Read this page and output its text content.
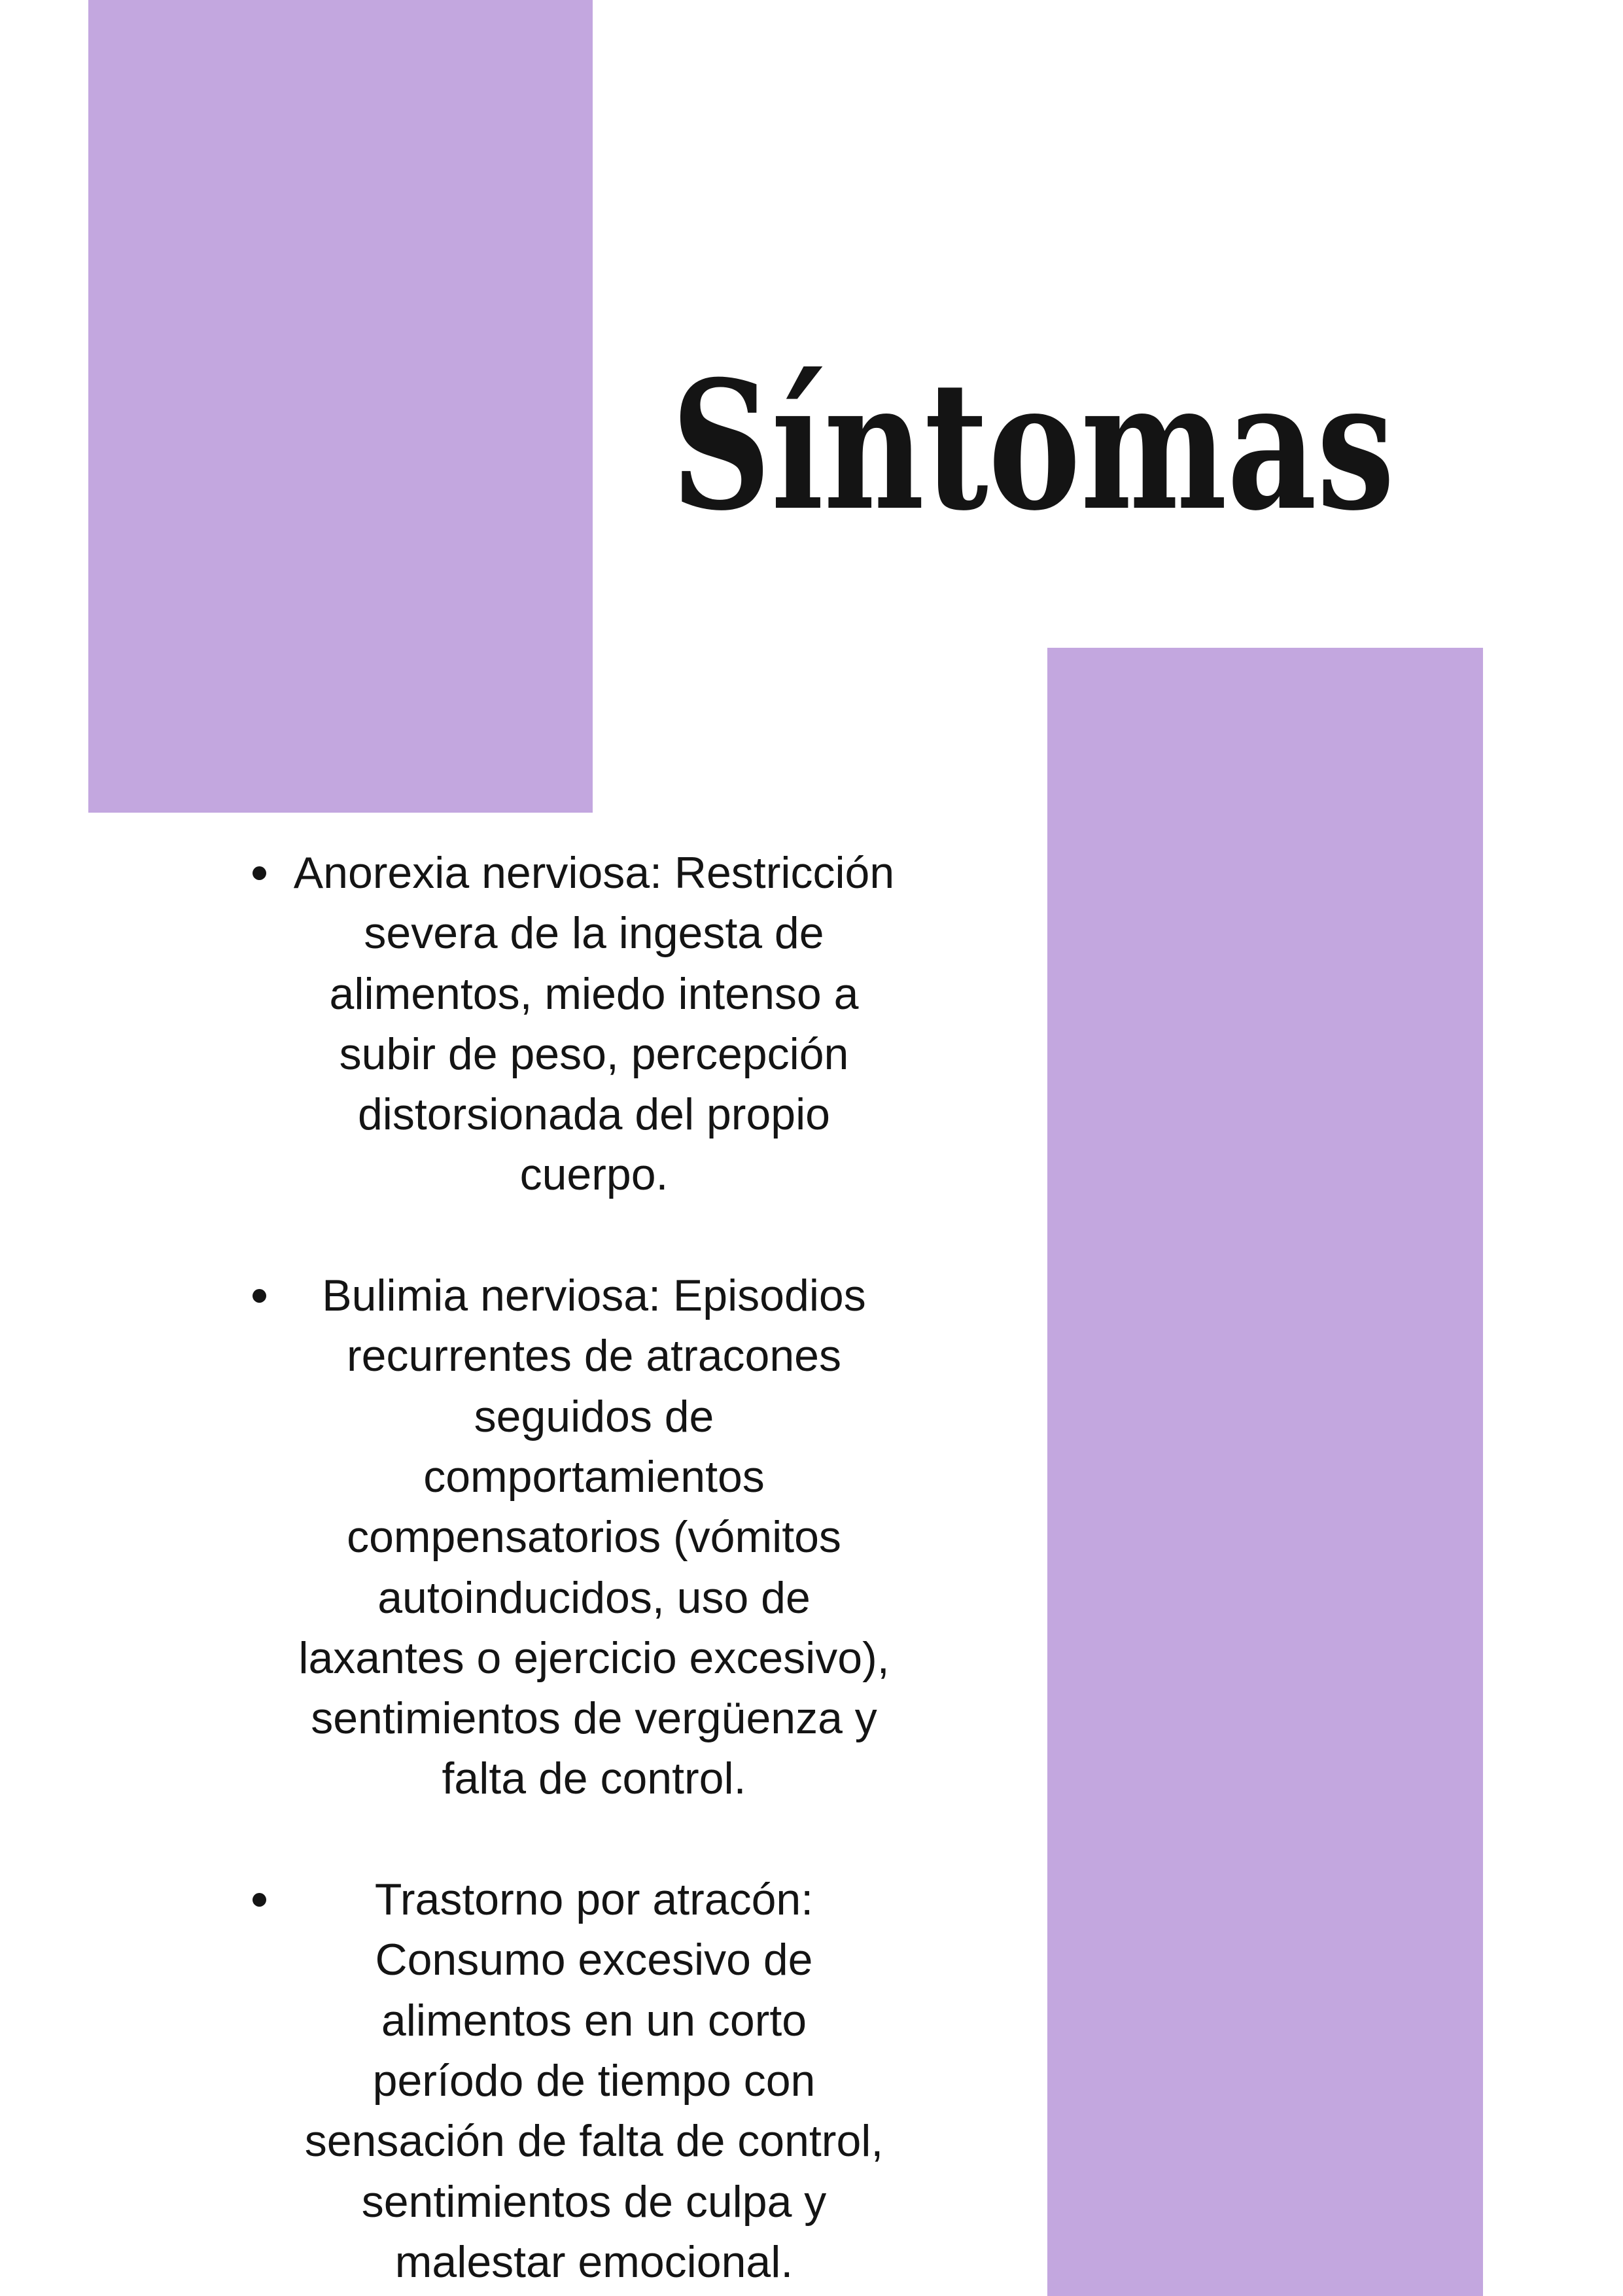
Síntomas
Anorexia nerviosa: Restricción
severa de la ingesta de
alimentos, miedo intenso a
subir de peso, percepción
distorsionada del propio
cuerpo.
Bulimia nerviosa: Episodios
recurrentes de atracones
seguidos de
comportamientos
compensatorios (vómitos
autoinducidos, uso de
laxantes o ejercicio excesivo),
sentimientos de vergüenza y
falta de control.
Trastorno por atracón:
Consumo excesivo de
alimentos en un corto
período de tiempo con
sensación de falta de control,
sentimientos de culpa y
malestar emocional.
